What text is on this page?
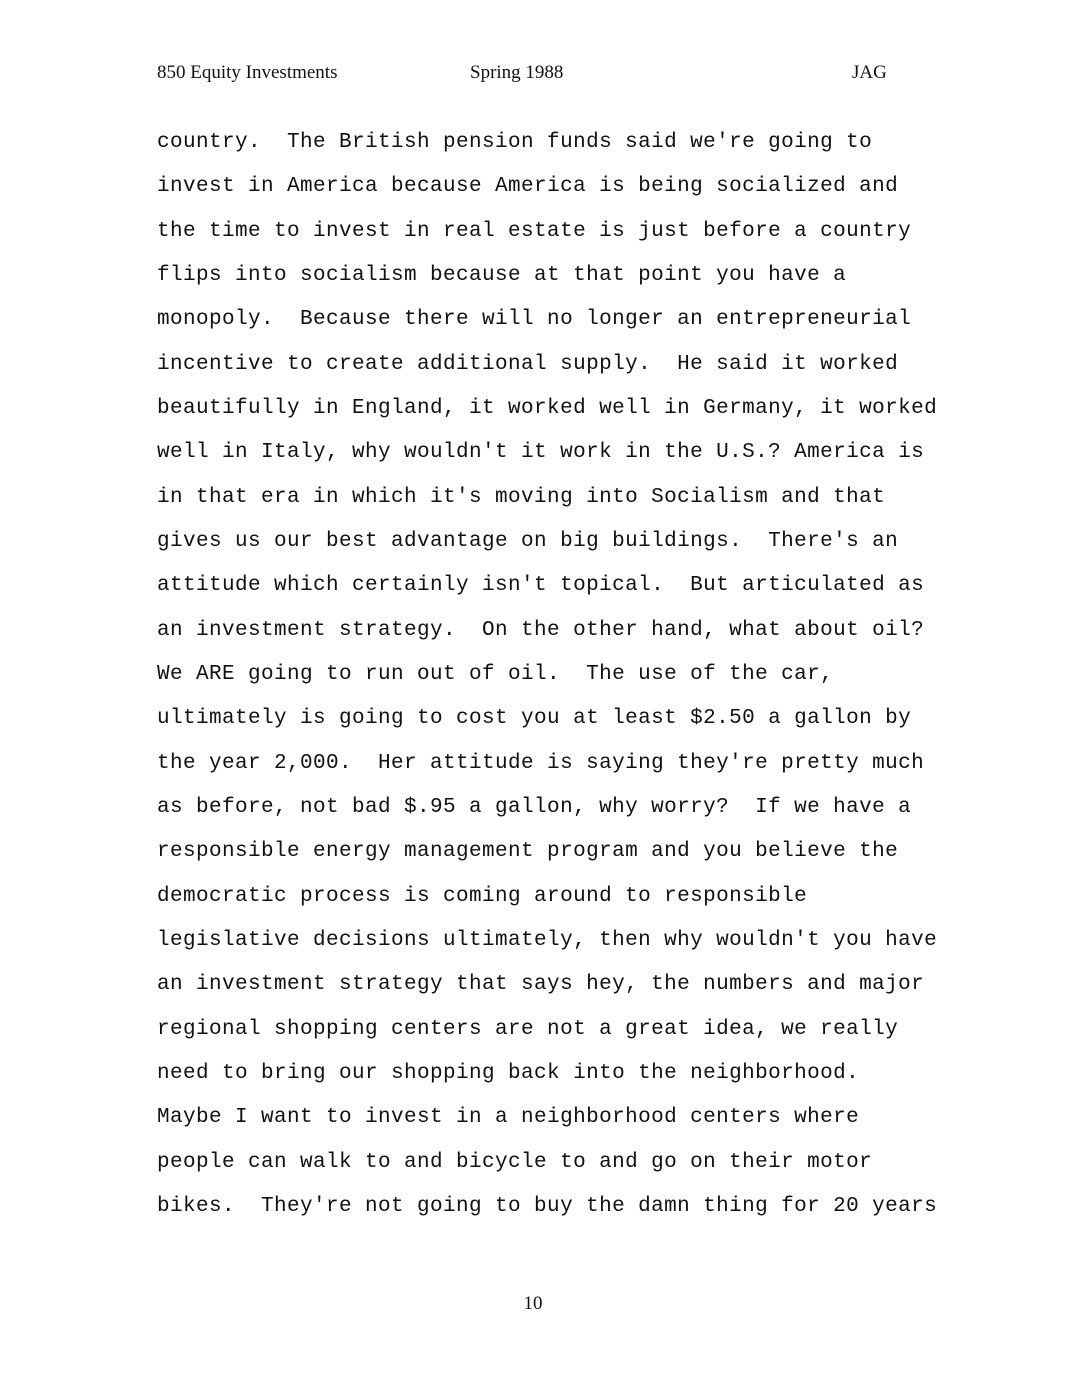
850 Equity Investments	Spring 1988	JAG
country.  The British pension funds said we're going to
invest in America because America is being socialized and
the time to invest in real estate is just before a country
flips into socialism because at that point you have a
monopoly.  Because there will no longer an entrepreneurial
incentive to create additional supply.  He said it worked
beautifully in England, it worked well in Germany, it worked
well in Italy, why wouldn't it work in the U.S.? America is
in that era in which it's moving into Socialism and that
gives us our best advantage on big buildings.  There's an
attitude which certainly isn't topical.  But articulated as
an investment strategy.  On the other hand, what about oil?
We ARE going to run out of oil.  The use of the car,
ultimately is going to cost you at least $2.50 a gallon by
the year 2,000.  Her attitude is saying they're pretty much
as before, not bad $.95 a gallon, why worry?  If we have a
responsible energy management program and you believe the
democratic process is coming around to responsible
legislative decisions ultimately, then why wouldn't you have
an investment strategy that says hey, the numbers and major
regional shopping centers are not a great idea, we really
need to bring our shopping back into the neighborhood.
Maybe I want to invest in a neighborhood centers where
people can walk to and bicycle to and go on their motor
bikes.  They're not going to buy the damn thing for 20 years
10
